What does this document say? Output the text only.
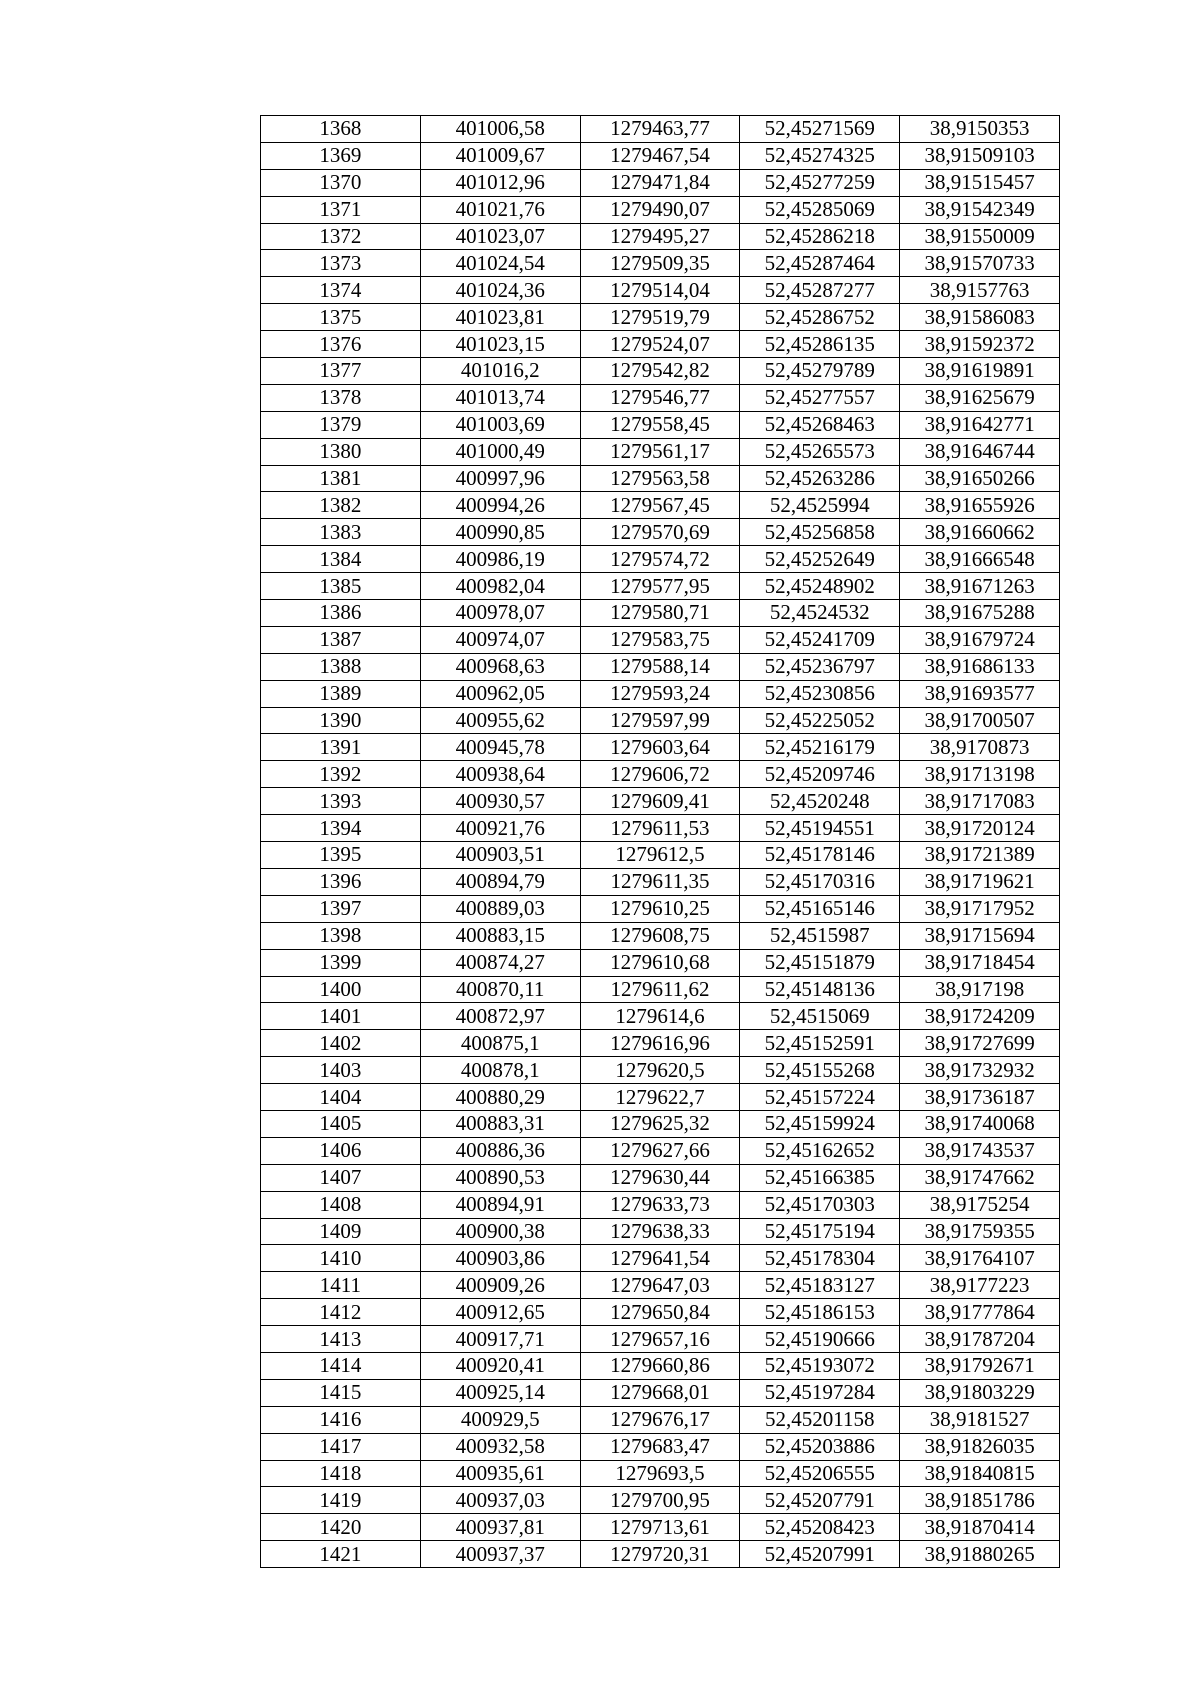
1368	401006,58	1279463,77	52,45271569	38,9150353
1369	401009,67	1279467,54	52,45274325	38,91509103
1370	401012,96	1279471,84	52,45277259	38,91515457
1371	401021,76	1279490,07	52,45285069	38,91542349
1372	401023,07	1279495,27	52,45286218	38,91550009
1373	401024,54	1279509,35	52,45287464	38,91570733
1374	401024,36	1279514,04	52,45287277	38,9157763
1375	401023,81	1279519,79	52,45286752	38,91586083
1376	401023,15	1279524,07	52,45286135	38,91592372
1377	401016,2	1279542,82	52,45279789	38,91619891
1378	401013,74	1279546,77	52,45277557	38,91625679
1379	401003,69	1279558,45	52,45268463	38,91642771
1380	401000,49	1279561,17	52,45265573	38,91646744
1381	400997,96	1279563,58	52,45263286	38,91650266
1382	400994,26	1279567,45	52,4525994	38,91655926
1383	400990,85	1279570,69	52,45256858	38,91660662
1384	400986,19	1279574,72	52,45252649	38,91666548
1385	400982,04	1279577,95	52,45248902	38,91671263
1386	400978,07	1279580,71	52,4524532	38,91675288
1387	400974,07	1279583,75	52,45241709	38,91679724
1388	400968,63	1279588,14	52,45236797	38,91686133
1389	400962,05	1279593,24	52,45230856	38,91693577
1390	400955,62	1279597,99	52,45225052	38,91700507
1391	400945,78	1279603,64	52,45216179	38,9170873
1392	400938,64	1279606,72	52,45209746	38,91713198
1393	400930,57	1279609,41	52,4520248	38,91717083
1394	400921,76	1279611,53	52,45194551	38,91720124
1395	400903,51	1279612,5	52,45178146	38,91721389
1396	400894,79	1279611,35	52,45170316	38,91719621
1397	400889,03	1279610,25	52,45165146	38,91717952
1398	400883,15	1279608,75	52,4515987	38,91715694
1399	400874,27	1279610,68	52,45151879	38,91718454
1400	400870,11	1279611,62	52,45148136	38,917198
1401	400872,97	1279614,6	52,4515069	38,91724209
1402	400875,1	1279616,96	52,45152591	38,91727699
1403	400878,1	1279620,5	52,45155268	38,91732932
1404	400880,29	1279622,7	52,45157224	38,91736187
1405	400883,31	1279625,32	52,45159924	38,91740068
1406	400886,36	1279627,66	52,45162652	38,91743537
1407	400890,53	1279630,44	52,45166385	38,91747662
1408	400894,91	1279633,73	52,45170303	38,9175254
1409	400900,38	1279638,33	52,45175194	38,91759355
1410	400903,86	1279641,54	52,45178304	38,91764107
1411	400909,26	1279647,03	52,45183127	38,9177223
1412	400912,65	1279650,84	52,45186153	38,91777864
1413	400917,71	1279657,16	52,45190666	38,91787204
1414	400920,41	1279660,86	52,45193072	38,91792671
1415	400925,14	1279668,01	52,45197284	38,91803229
1416	400929,5	1279676,17	52,45201158	38,9181527
1417	400932,58	1279683,47	52,45203886	38,91826035
1418	400935,61	1279693,5	52,45206555	38,91840815
1419	400937,03	1279700,95	52,45207791	38,91851786
1420	400937,81	1279713,61	52,45208423	38,91870414
1421	400937,37	1279720,31	52,45207991	38,91880265
